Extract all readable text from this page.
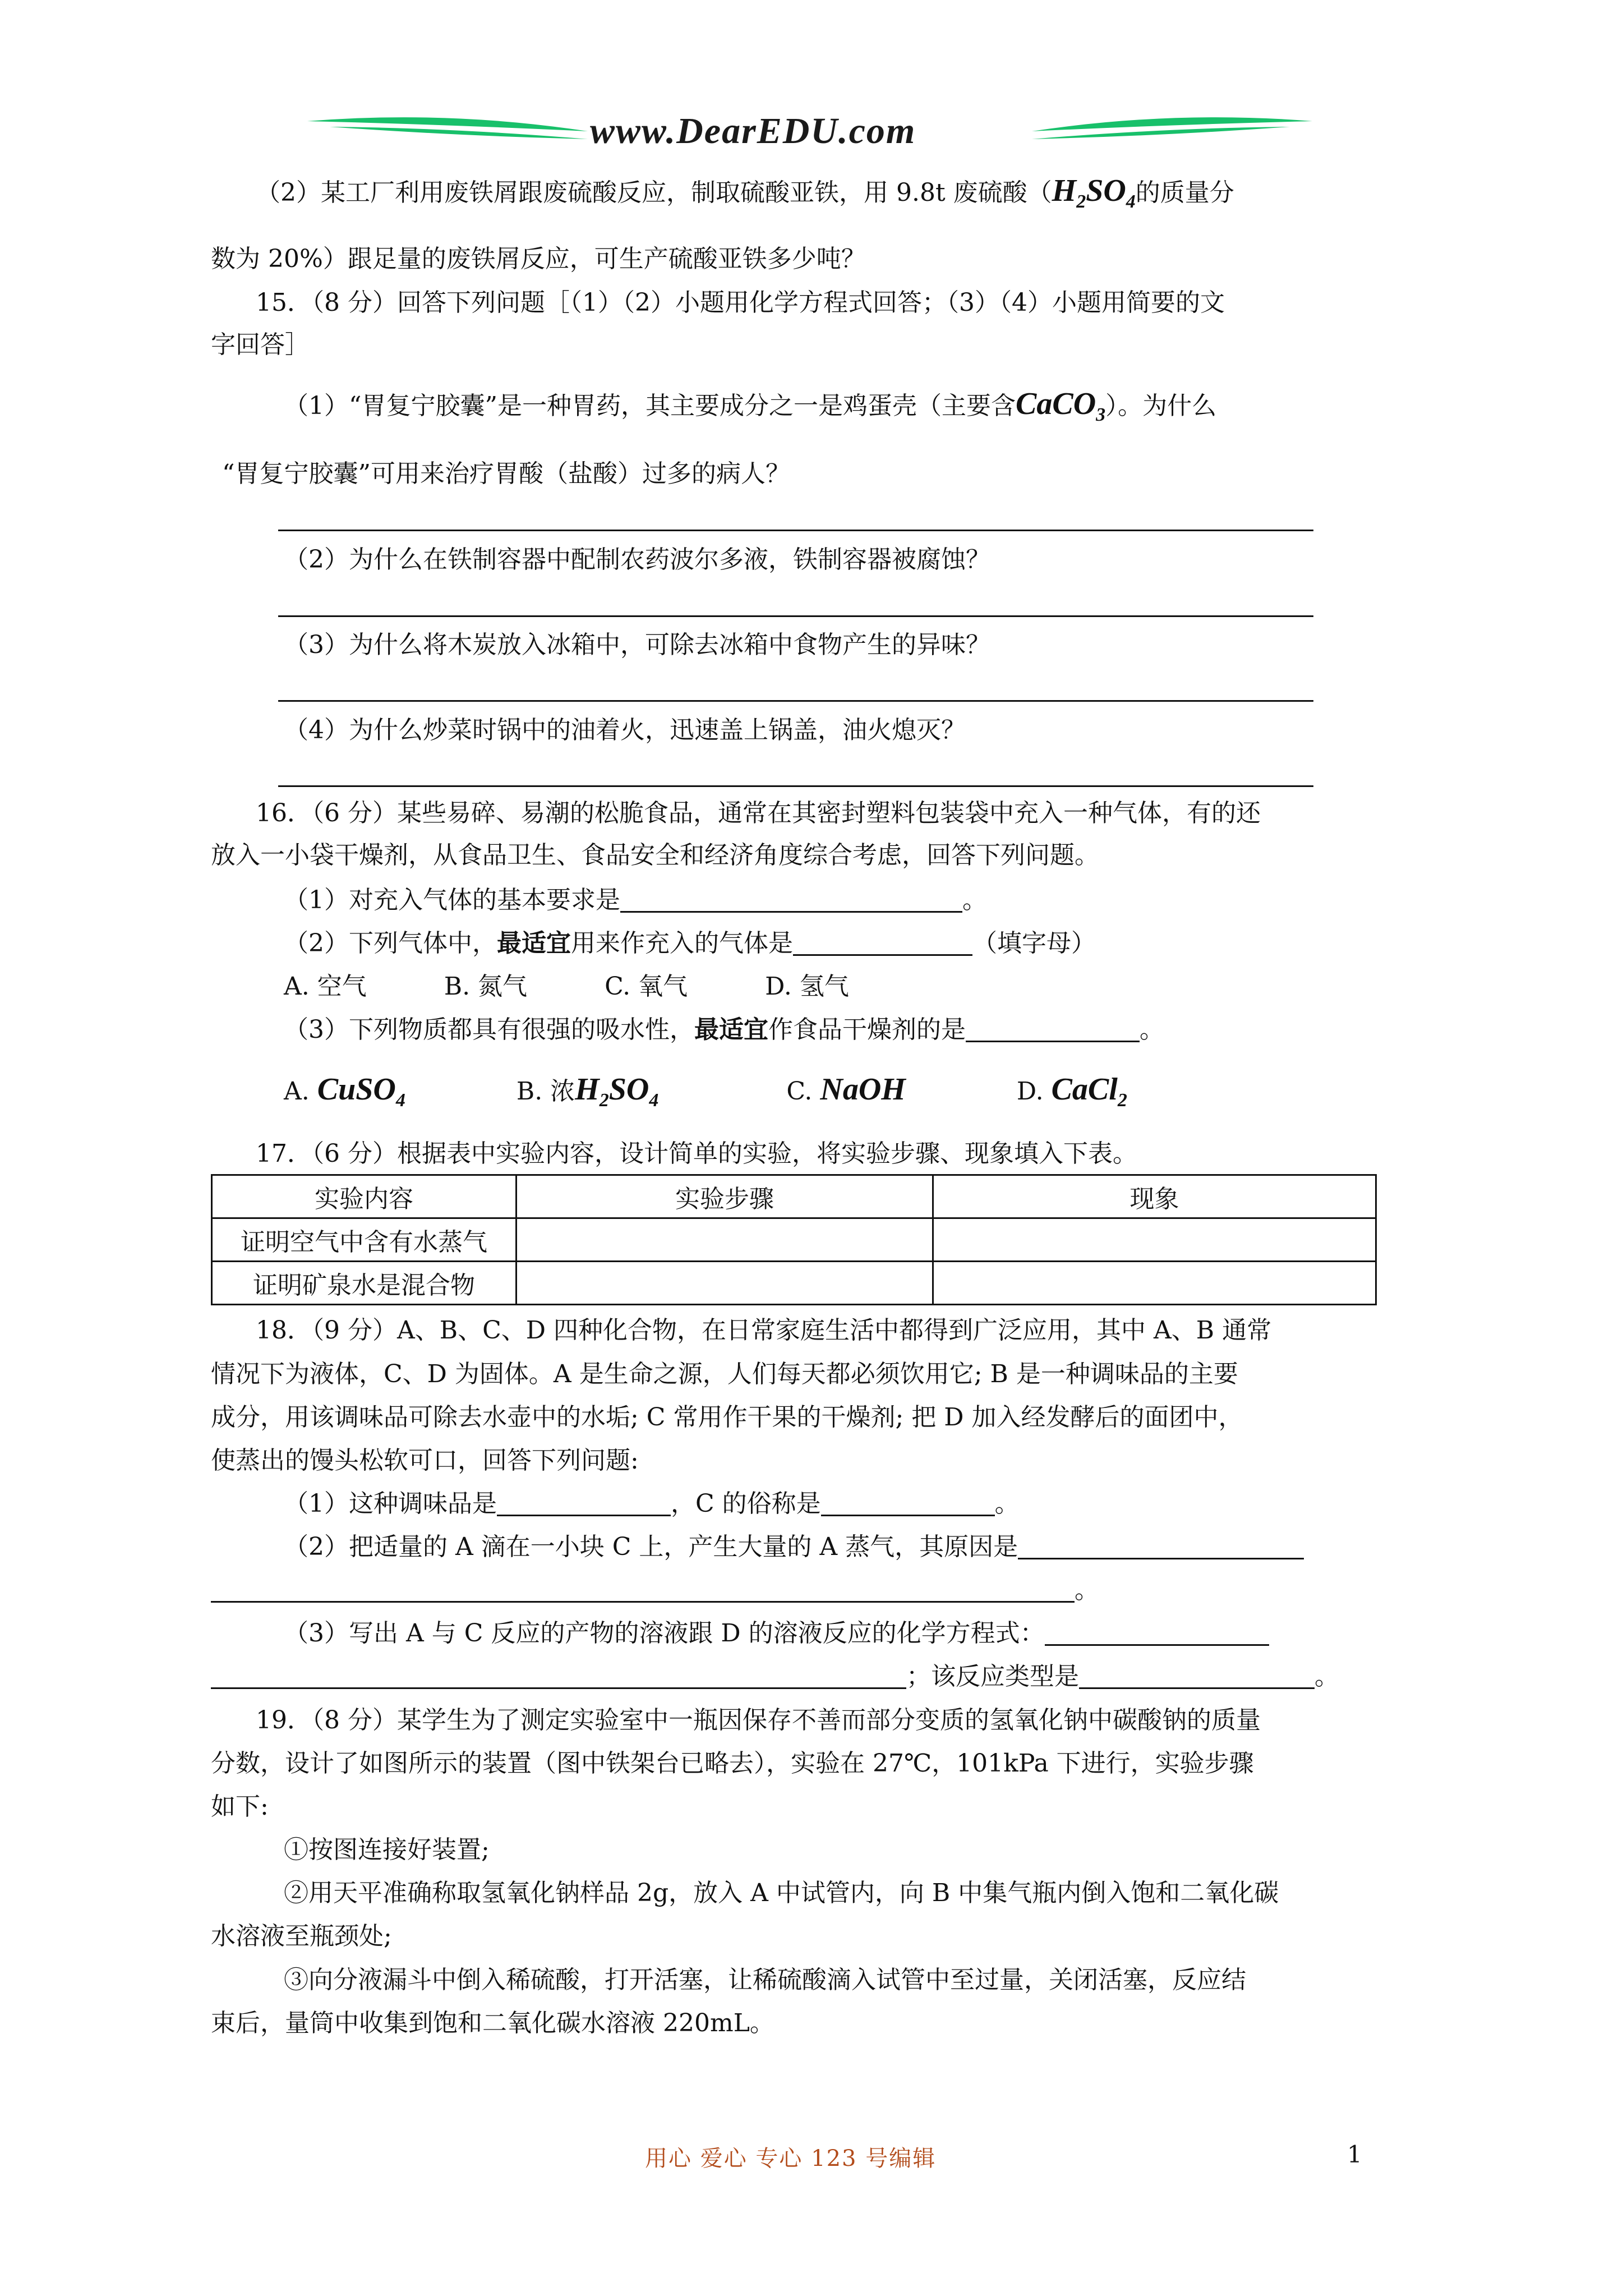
www.DearEDU.com
（2）某工厂利用废铁屑跟废硫酸反应，制取硫酸亚铁，用 9.8t 废硫酸（$H_2SO_4$的质量分
数为 20%）跟足量的废铁屑反应，可生产硫酸亚铁多少吨？
15．（8 分）回答下列问题［（1）（2）小题用化学方程式回答；（3）（4）小题用简要的文
字回答］
（1）“胃复宁胶囊”是一种胃药，其主要成分之一是鸡蛋壳（主要含CaCO$_3$）。为什么
“胃复宁胶囊”可用来治疗胃酸（盐酸）过多的病人？
（2）为什么在铁制容器中配制农药波尔多液，铁制容器被腐蚀？
（3）为什么将木炭放入冰箱中，可除去冰箱中食物产生的异味？
（4）为什么炒菜时锅中的油着火，迅速盖上锅盖，油火熄灭？
16．（6 分）某些易碎、易潮的松脆食品，通常在其密封塑料包装袋中充入一种气体，有的还
放入一小袋干燥剂，从食品卫生、食品安全和经济角度综合考虑，回答下列问题。
（1）对充入气体的基本要求是	。
（2）下列气体中，最适宜用来作充入的气体是	（填字母）
A. 空气	B. 氮气	C. 氧气	D. 氢气
（3）下列物质都具有很强的吸水性，最适宜作食品干燥剂的是	。
A. CuSO$_4$	B. 浓$H_2SO_4$	C. NaOH	D. CaCl$_2$
17．（6 分）根据表中实验内容，设计简单的实验，将实验步骤、现象填入下表。
实验内容	实验步骤	现象
证明空气中含有水蒸气		
证明矿泉水是混合物		
18．（9 分）A、B、C、D 四种化合物，在日常家庭生活中都得到广泛应用，其中 A、B 通常
情况下为液体，C、D 为固体。A 是生命之源，人们每天都必须饮用它; B 是一种调味品的主要
成分，用该调味品可除去水壶中的水垢; C 常用作干果的干燥剂; 把 D 加入经发酵后的面团中，
使蒸出的馒头松软可口，回答下列问题:
（1）这种调味品是	，C 的俗称是	。
（2）把适量的 A 滴在一小块 C 上，产生大量的 A 蒸气，其原因是
。
（3）写出 A 与 C 反应的产物的溶液跟 D 的溶液反应的化学方程式：
；该反应类型是	。
19．（8 分）某学生为了测定实验室中一瓶因保存不善而部分变质的氢氧化钠中碳酸钠的质量
分数，设计了如图所示的装置（图中铁架台已略去），实验在 27℃，101kPa 下进行，实验步骤
如下:
①按图连接好装置;
②用天平准确称取氢氧化钠样品 2g，放入 A 中试管内，向 B 中集气瓶内倒入饱和二氧化碳
水溶液至瓶颈处;
③向分液漏斗中倒入稀硫酸，打开活塞，让稀硫酸滴入试管中至过量，关闭活塞，反应结
束后，量筒中收集到饱和二氧化碳水溶液 220mL。
用心 爱心 专心 123 号编辑	1
